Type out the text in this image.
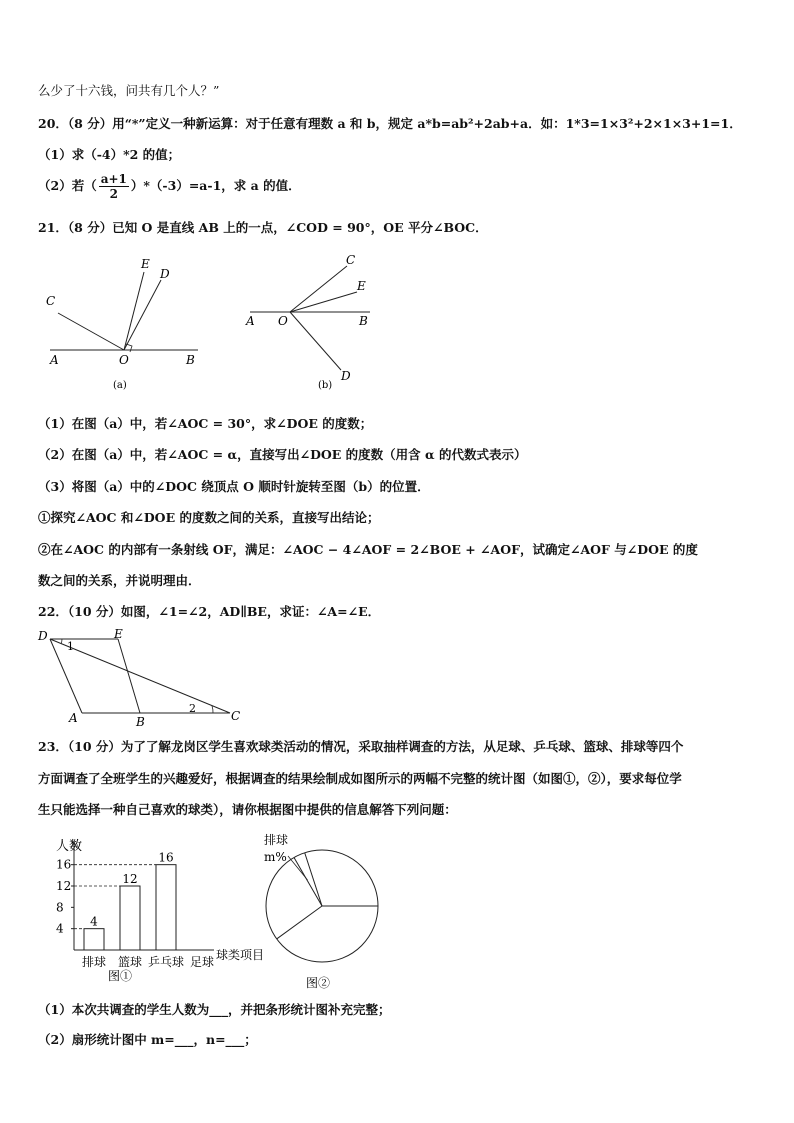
么少了十六钱，问共有几个人？”
20．（8 分）用“*”定义一种新运算：对于任意有理数 a 和 b，规定 a*b=ab²+2ab+a．如：1*3=1×3²+2×1×3+1=1．
（1）求（-4）*2 的值；
（2）若（ $\frac{a+1}{2} )*(-3)=a-1$，求 a 的值．
21．（8 分）已知 O 是直线 AB 上的一点，∠COD = 90°，OE 平分∠BOC．
C
E
D
A	O	B
(a)
C
E
A O	B
D
(b)
（1）在图（a）中，若∠AOC = 30°，求∠DOE 的度数；
（2）在图（a）中，若∠AOC = α，直接写出∠DOE 的度数（用含 α 的代数式表示）
（3）将图（a）中的∠DOC 绕顶点 O 顺时针旋转至图（b）的位置．
①探究∠AOC 和∠DOE 的度数之间的关系，直接写出结论；
②在∠AOC 的内部有一条射线 OF，满足：∠AOC − 4∠AOF = 2∠BOE + ∠AOF，试确定∠AOF 与∠DOE 的度
数之间的关系，并说明理由．
22．（10 分）如图，∠1=∠2，AD∥BE，求证：∠A=∠E．
D	E
A	B	C
1
2
23．（10 分）为了了解龙岗区学生喜欢球类活动的情况，采取抽样调查的方法，从足球、乒乓球、篮球、排球等四个
方面调查了全班学生的兴趣爱好，根据调查的结果绘制成如图所示的两幅不完整的统计图（如图①，②），要求每位学
生只能选择一种自己喜欢的球类），请你根据图中提供的信息解答下列问题：
人数
球类项目
图①
4
8
12
16
4
排球
12
篮球
16
乒乓球 足球
排球
m%
图②
（1）本次共调查的学生人数为___，并把条形统计图补充完整；
（2）扇形统计图中 m=___，n=___；
